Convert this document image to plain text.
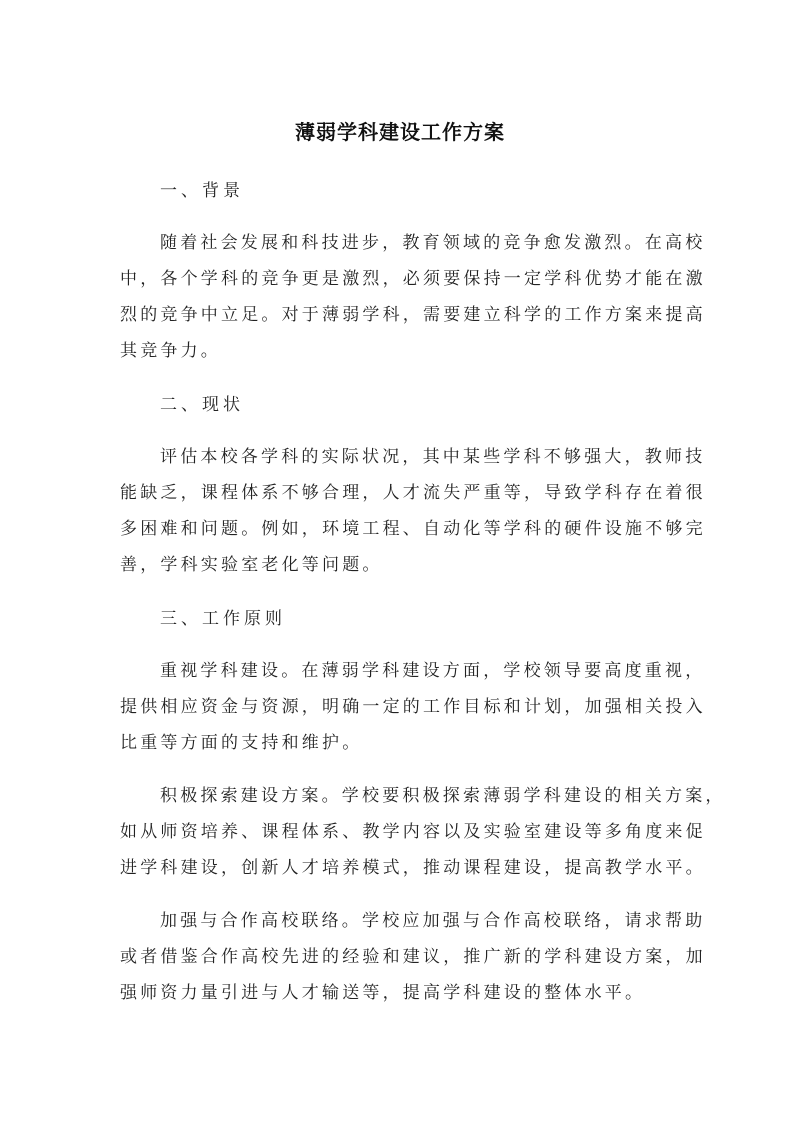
薄弱学科建设工作方案
一、背景
随着社会发展和科技进步，教育领域的竞争愈发激烈。在高校
中，各个学科的竞争更是激烈，必须要保持一定学科优势才能在激
烈的竞争中立足。对于薄弱学科，需要建立科学的工作方案来提高
其竞争力。
二、现状
评估本校各学科的实际状况，其中某些学科不够强大，教师技
能缺乏，课程体系不够合理，人才流失严重等，导致学科存在着很
多困难和问题。例如，环境工程、自动化等学科的硬件设施不够完
善，学科实验室老化等问题。
三、工作原则
重视学科建设。在薄弱学科建设方面，学校领导要高度重视，
提供相应资金与资源，明确一定的工作目标和计划，加强相关投入
比重等方面的支持和维护。
积极探索建设方案。学校要积极探索薄弱学科建设的相关方案，
如从师资培养、课程体系、教学内容以及实验室建设等多角度来促
进学科建设，创新人才培养模式，推动课程建设，提高教学水平。
加强与合作高校联络。学校应加强与合作高校联络，请求帮助
或者借鉴合作高校先进的经验和建议，推广新的学科建设方案，加
强师资力量引进与人才输送等，提高学科建设的整体水平。
